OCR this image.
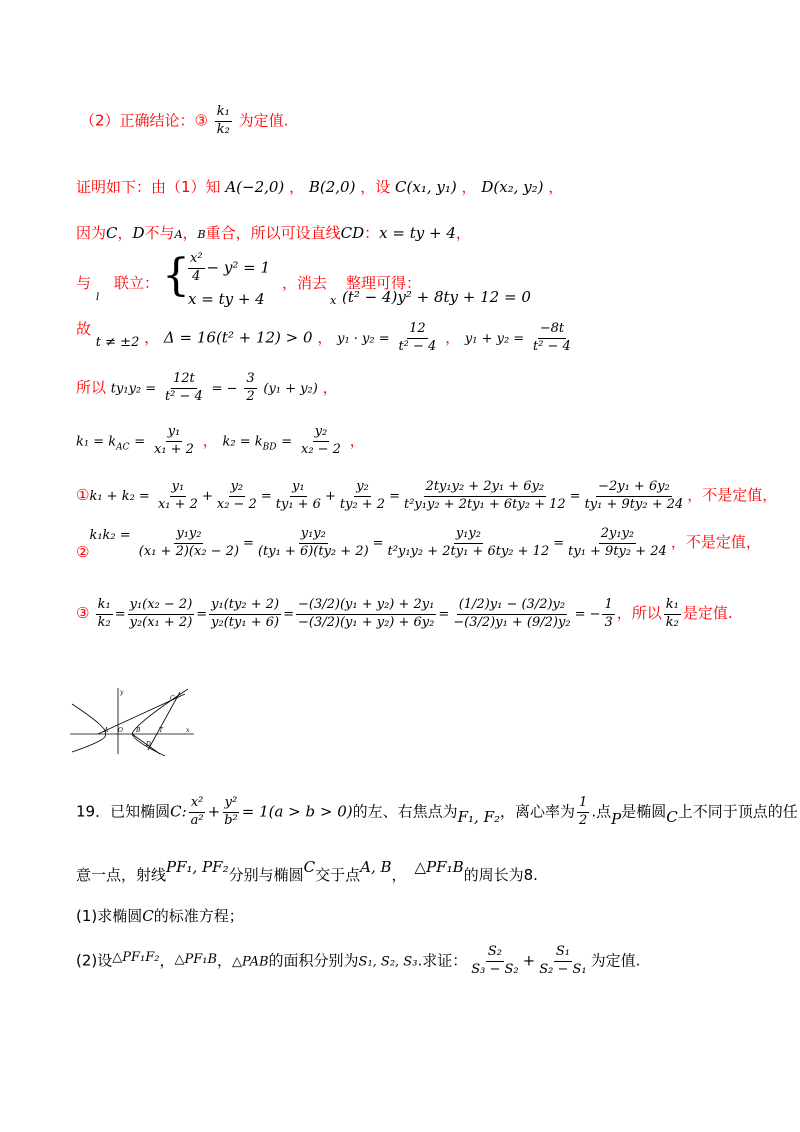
（2）正确结论：③ $\frac{\text{k₁}}{\text{k₂}}$ 为定值.
证明如下：由（1）知 A(−2,0) ， B(2,0) ，设 C(x₁, y₁) ， D(x₂, y₂) ，
因为C，D不与A，B重合，所以可设直线CD：x = ty + 4，
与
l
联立： {
$\frac{\text{x²}}{4} - y^2 = 1$
x = ty + 4
，消去
x
整理可得：
(t² − 4)y² + 8ty + 12 = 0
故 t ≠ ±2 ， Δ = 16(t² + 12) > 0 ， $y_1 \cdot y_2 = \frac{12}{\text{t² − 4}}$ ， $y_1 + y_2 = \frac{-8t}{\text{t² − 4}}$
所以 $ty_1y_2 = \frac{12t}{\text{t² − 4}}$ = − $\frac{3}{2} (y_1 + y_2)$ ，
$k_1 = k_{AC} = \frac{\text{y₁}}{\text{x₁ + 2}}$ ， $k_2 = k_{BD} = \frac{\text{y₂}}{\text{x₂ − 2}}$ ，
①k₁ + $k_2 = \frac{\text{y₁}}{\text{x₁ + 2}} + \frac{\text{y₂}}{\text{x₂ − 2}} = \frac{\text{y₁}}{\text{ty₁ + 6}} + \frac{\text{y₂}}{\text{ty₂ + 2}} = \frac{\text{2ty₁y₂ + 2y₁ + 6y₂}}{\text{t²y₁y₂ + 2ty₁ + 6ty₂ + 12}} = \frac{\text{−2y₁ + 6y₂}}{\text{ty₁ + 9ty₂ + 24}}$ ，不是定值，
②k₁k₂ = $\frac{\text{y₁y₂}}{\text{(x₁ + 2)(x₂ − 2)}} = \frac{\text{y₁y₂}}{\text{(ty₁ + 6)(ty₂ + 2)}} = \frac{\text{y₁y₂}}{\text{t²y₁y₂ + 2ty₁ + 6ty₂ + 12}} = \frac{\text{2y₁y₂}}{\text{ty₁ + 9ty₂ + 24}}$ ，不是定值，
③ $\frac{\text{k₁}}{\text{k₂}} = \frac{\text{y₁(x₂ − 2)}}{\text{y₂(x₁ + 2)}} = \frac{\text{y₁(ty₂ + 2)}}{\text{y₂(ty₁ + 6)}} = \frac{\text{−(3/2)(y₁ + y₂) + 2y₁}}{\text{−(3/2)(y₁ + y₂) + 6y₂}} = \frac{\text{(1/2)y₁ − (3/2)y₂}}{\text{−(3/2)y₁ + (9/2)y₂}}$ = − $\frac{1}{3}$ ，所以 $\frac{\text{k₁}}{\text{k₂}}$ 是定值.
y
x
A O B	T
C
D
19．已知椭圆C: $\frac{\text{x²}}{\text{a²}} + \frac{\text{y²}}{\text{b²}} = 1(a > b > 0)$的左、右焦点为F₁, F₂，离心率为 $\frac{1}{2}$ .点P是椭圆C上不同于顶点的任
意一点，射线PF₁, PF₂分别与椭圆C交于点A, B， △PF₁B的周长为8.
(1)求椭圆C的标准方程；
(2)设△PF₁F₂，△PF₁B，△PAB的面积分别为S₁, S₂, S₃.求证： $\frac{\text{S₂}}{\text{S₃ − S₂}} + \frac{\text{S₁}}{\text{S₂ − S₁}}$ 为定值.
